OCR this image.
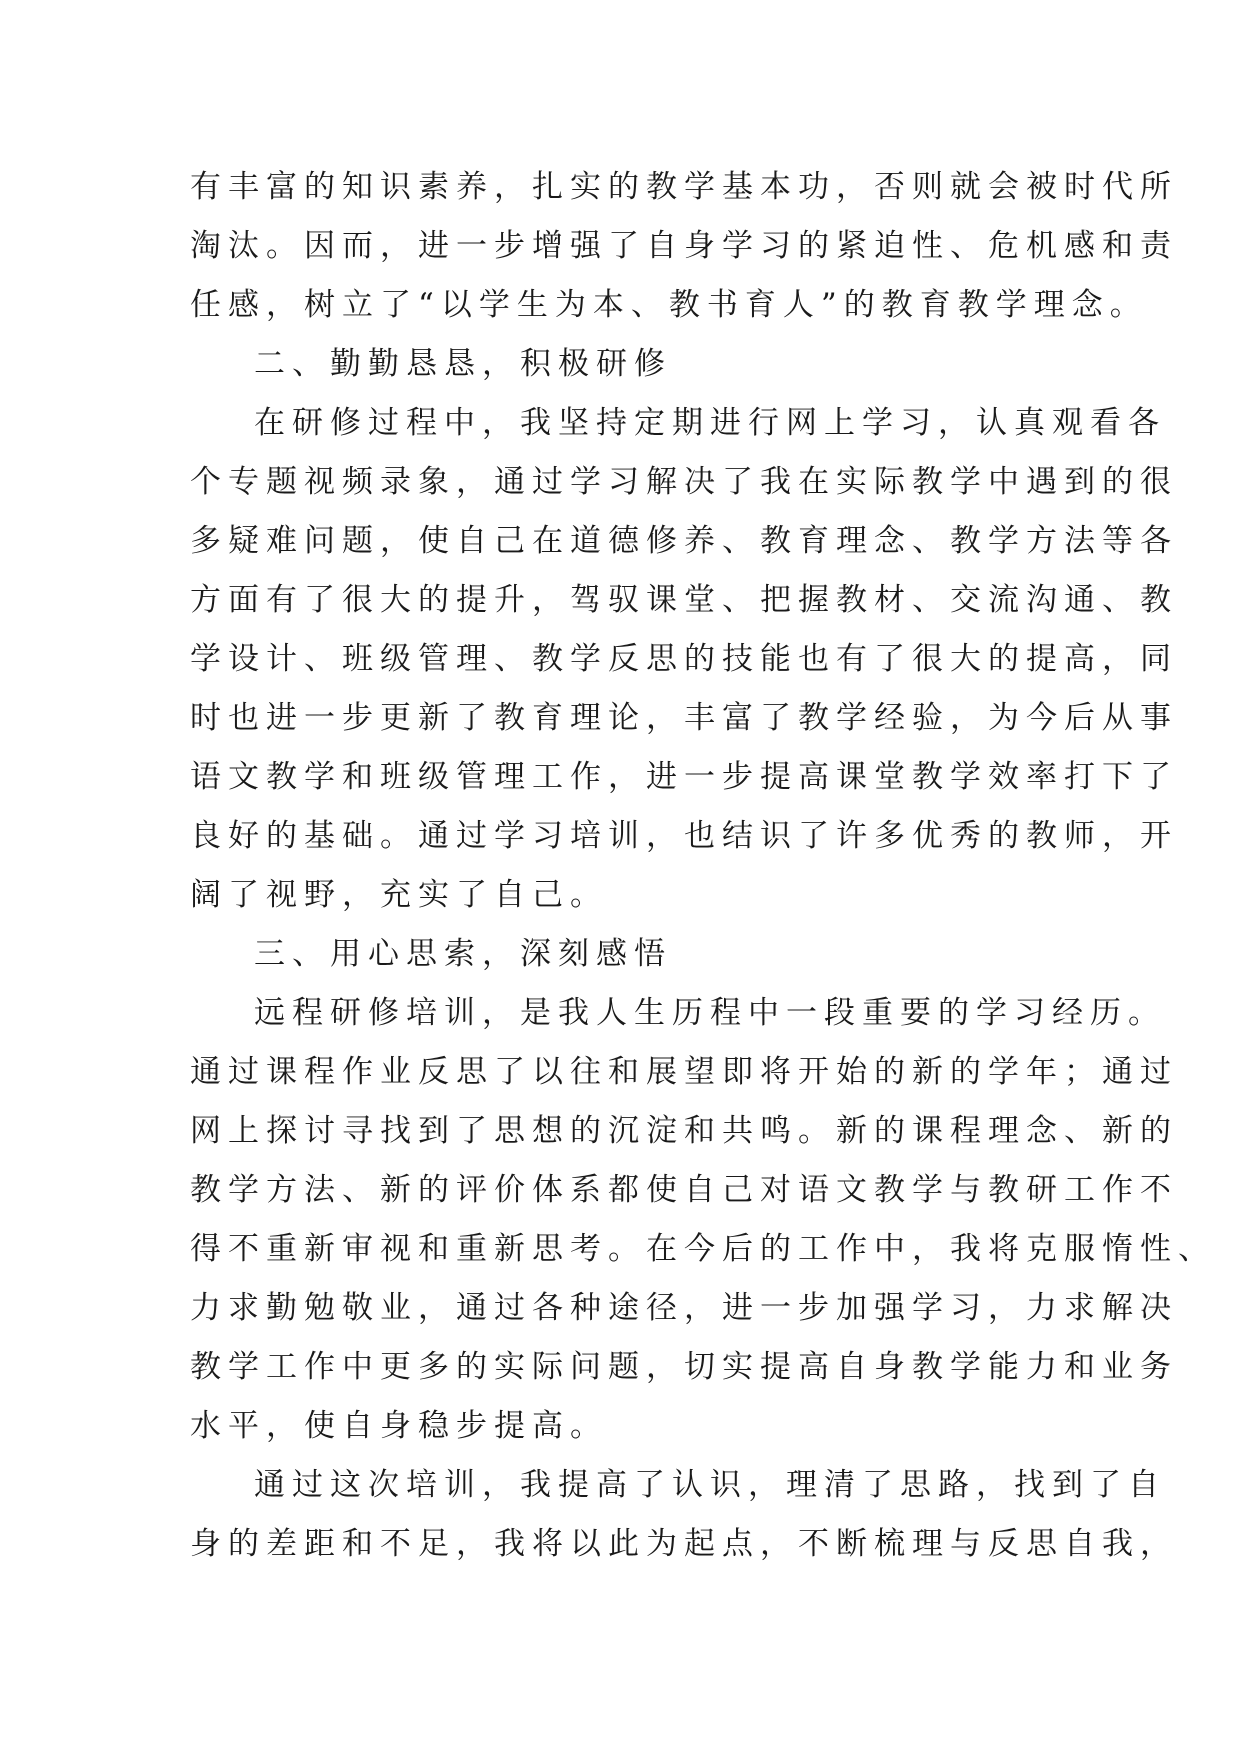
有丰富的知识素养，扎实的教学基本功，否则就会被时代所
淘汰。因而，进一步增强了自身学习的紧迫性、危机感和责
任感，树立了“以学生为本、教书育人”的教育教学理念。
二、勤勤恳恳，积极研修
在研修过程中，我坚持定期进行网上学习，认真观看各
个专题视频录象，通过学习解决了我在实际教学中遇到的很
多疑难问题，使自己在道德修养、教育理念、教学方法等各
方面有了很大的提升，驾驭课堂、把握教材、交流沟通、教
学设计、班级管理、教学反思的技能也有了很大的提高，同
时也进一步更新了教育理论，丰富了教学经验，为今后从事
语文教学和班级管理工作，进一步提高课堂教学效率打下了
良好的基础。通过学习培训，也结识了许多优秀的教师，开
阔了视野，充实了自己。
三、用心思索，深刻感悟
远程研修培训，是我人生历程中一段重要的学习经历。
通过课程作业反思了以往和展望即将开始的新的学年；通过
网上探讨寻找到了思想的沉淀和共鸣。新的课程理念、新的
教学方法、新的评价体系都使自己对语文教学与教研工作不
得不重新审视和重新思考。在今后的工作中，我将克服惰性、
力求勤勉敬业，通过各种途径，进一步加强学习，力求解决
教学工作中更多的实际问题，切实提高自身教学能力和业务
水平，使自身稳步提高。
通过这次培训，我提高了认识，理清了思路，找到了自
身的差距和不足，我将以此为起点，不断梳理与反思自我，
